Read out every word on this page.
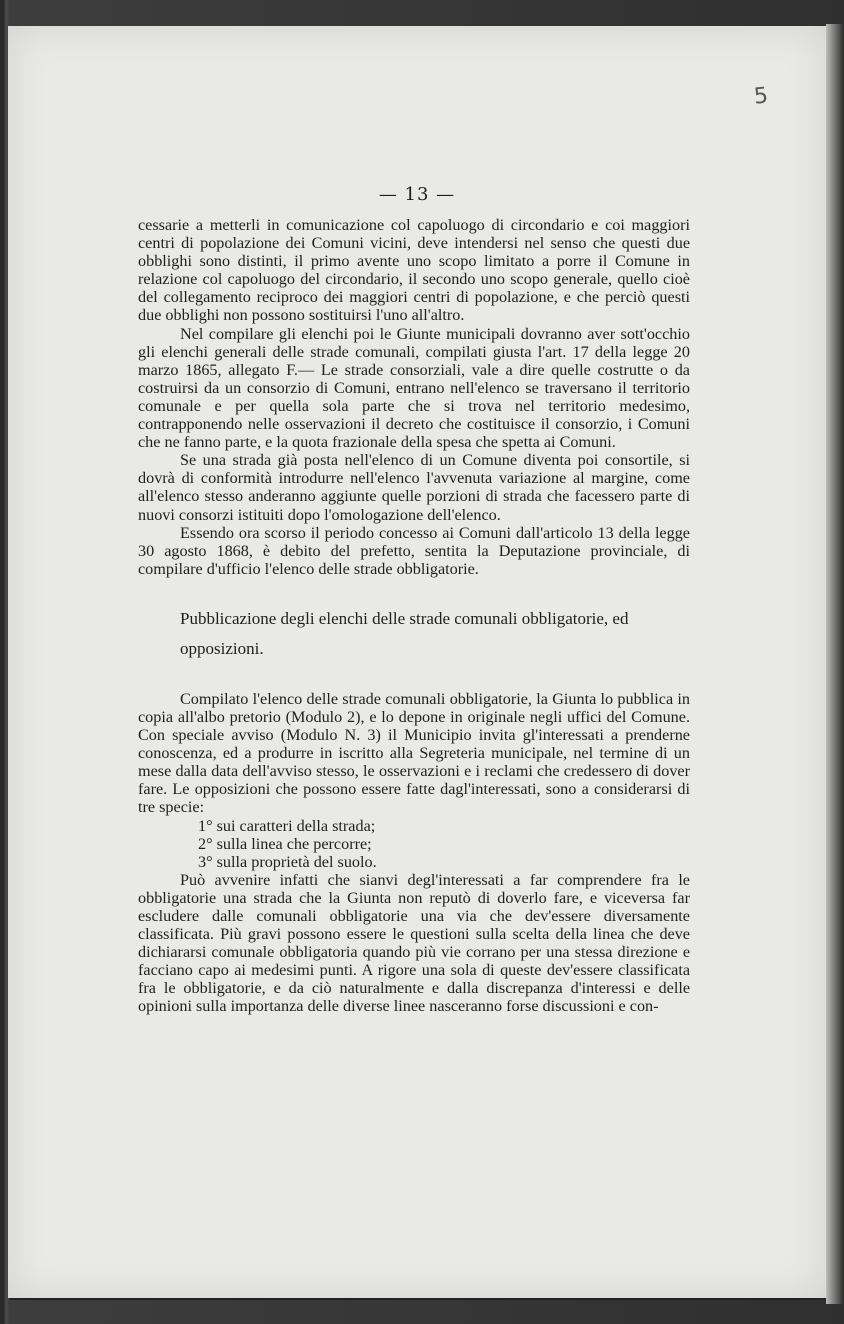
5
— 13 —

cessarie a metterli in comunicazione col capoluogo di circondario e coi maggiori centri di popolazione dei Comuni vicini, deve intendersi nel senso che questi due obblighi sono distinti, il primo avente uno scopo limitato a porre il Comune in relazione col capoluogo del circondario, il secondo uno scopo generale, quello cioè del collegamento reciproco dei maggiori centri di popolazione, e che perciò questi due obblighi non possono sostituirsi l'uno all'altro.

Nel compilare gli elenchi poi le Giunte municipali dovranno aver sott'occhio gli elenchi generali delle strade comunali, compilati giusta l'art. 17 della legge 20 marzo 1865, allegato F.— Le strade consorziali, vale a dire quelle costrutte o da costruirsi da un consorzio di Comuni, entrano nell'elenco se traversano il territorio comunale e per quella sola parte che si trova nel territorio medesimo, contrapponendo nelle osservazioni il decreto che costituisce il consorzio, i Comuni che ne fanno parte, e la quota frazionale della spesa che spetta ai Comuni.

Se una strada già posta nell'elenco di un Comune diventa poi consortile, si dovrà di conformità introdurre nell'elenco l'avvenuta variazione al margine, come all'elenco stesso anderanno aggiunte quelle porzioni di strada che facessero parte di nuovi consorzi istituiti dopo l'omologazione dell'elenco.

Essendo ora scorso il periodo concesso ai Comuni dall'articolo 13 della legge 30 agosto 1868, è debito del prefetto, sentita la Deputazione provinciale, di compilare d'ufficio l'elenco delle strade obbligatorie.

Pubblicazione degli elenchi delle strade comunali obbligatorie, ed opposizioni.

Compilato l'elenco delle strade comunali obbligatorie, la Giunta lo pubblica in copia all'albo pretorio (Modulo 2), e lo depone in originale negli uffici del Comune. Con speciale avviso (Modulo N. 3) il Municipio invita gl'interessati a prenderne conoscenza, ed a produrre in iscritto alla Segreteria municipale, nel termine di un mese dalla data dell'avviso stesso, le osservazioni e i reclami che credessero di dover fare. Le opposizioni che possono essere fatte dagl'interessati, sono a considerarsi di tre specie:

1° sui caratteri della strada;
2° sulla linea che percorre;
3° sulla proprietà del suolo.

Può avvenire infatti che sianvi degl'interessati a far comprendere fra le obbligatorie una strada che la Giunta non reputò di doverlo fare, e viceversa far escludere dalle comunali obbligatorie una via che dev'essere diversamente classificata. Più gravi possono essere le questioni sulla scelta della linea che deve dichiararsi comunale obbligatoria quando più vie corrano per una stessa direzione e facciano capo ai medesimi punti. A rigore una sola di queste dev'essere classificata fra le obbligatorie, e da ciò naturalmente e dalla discrepanza d'interessi e delle opinioni sulla importanza delle diverse linee nasceranno forse discussioni e con-
